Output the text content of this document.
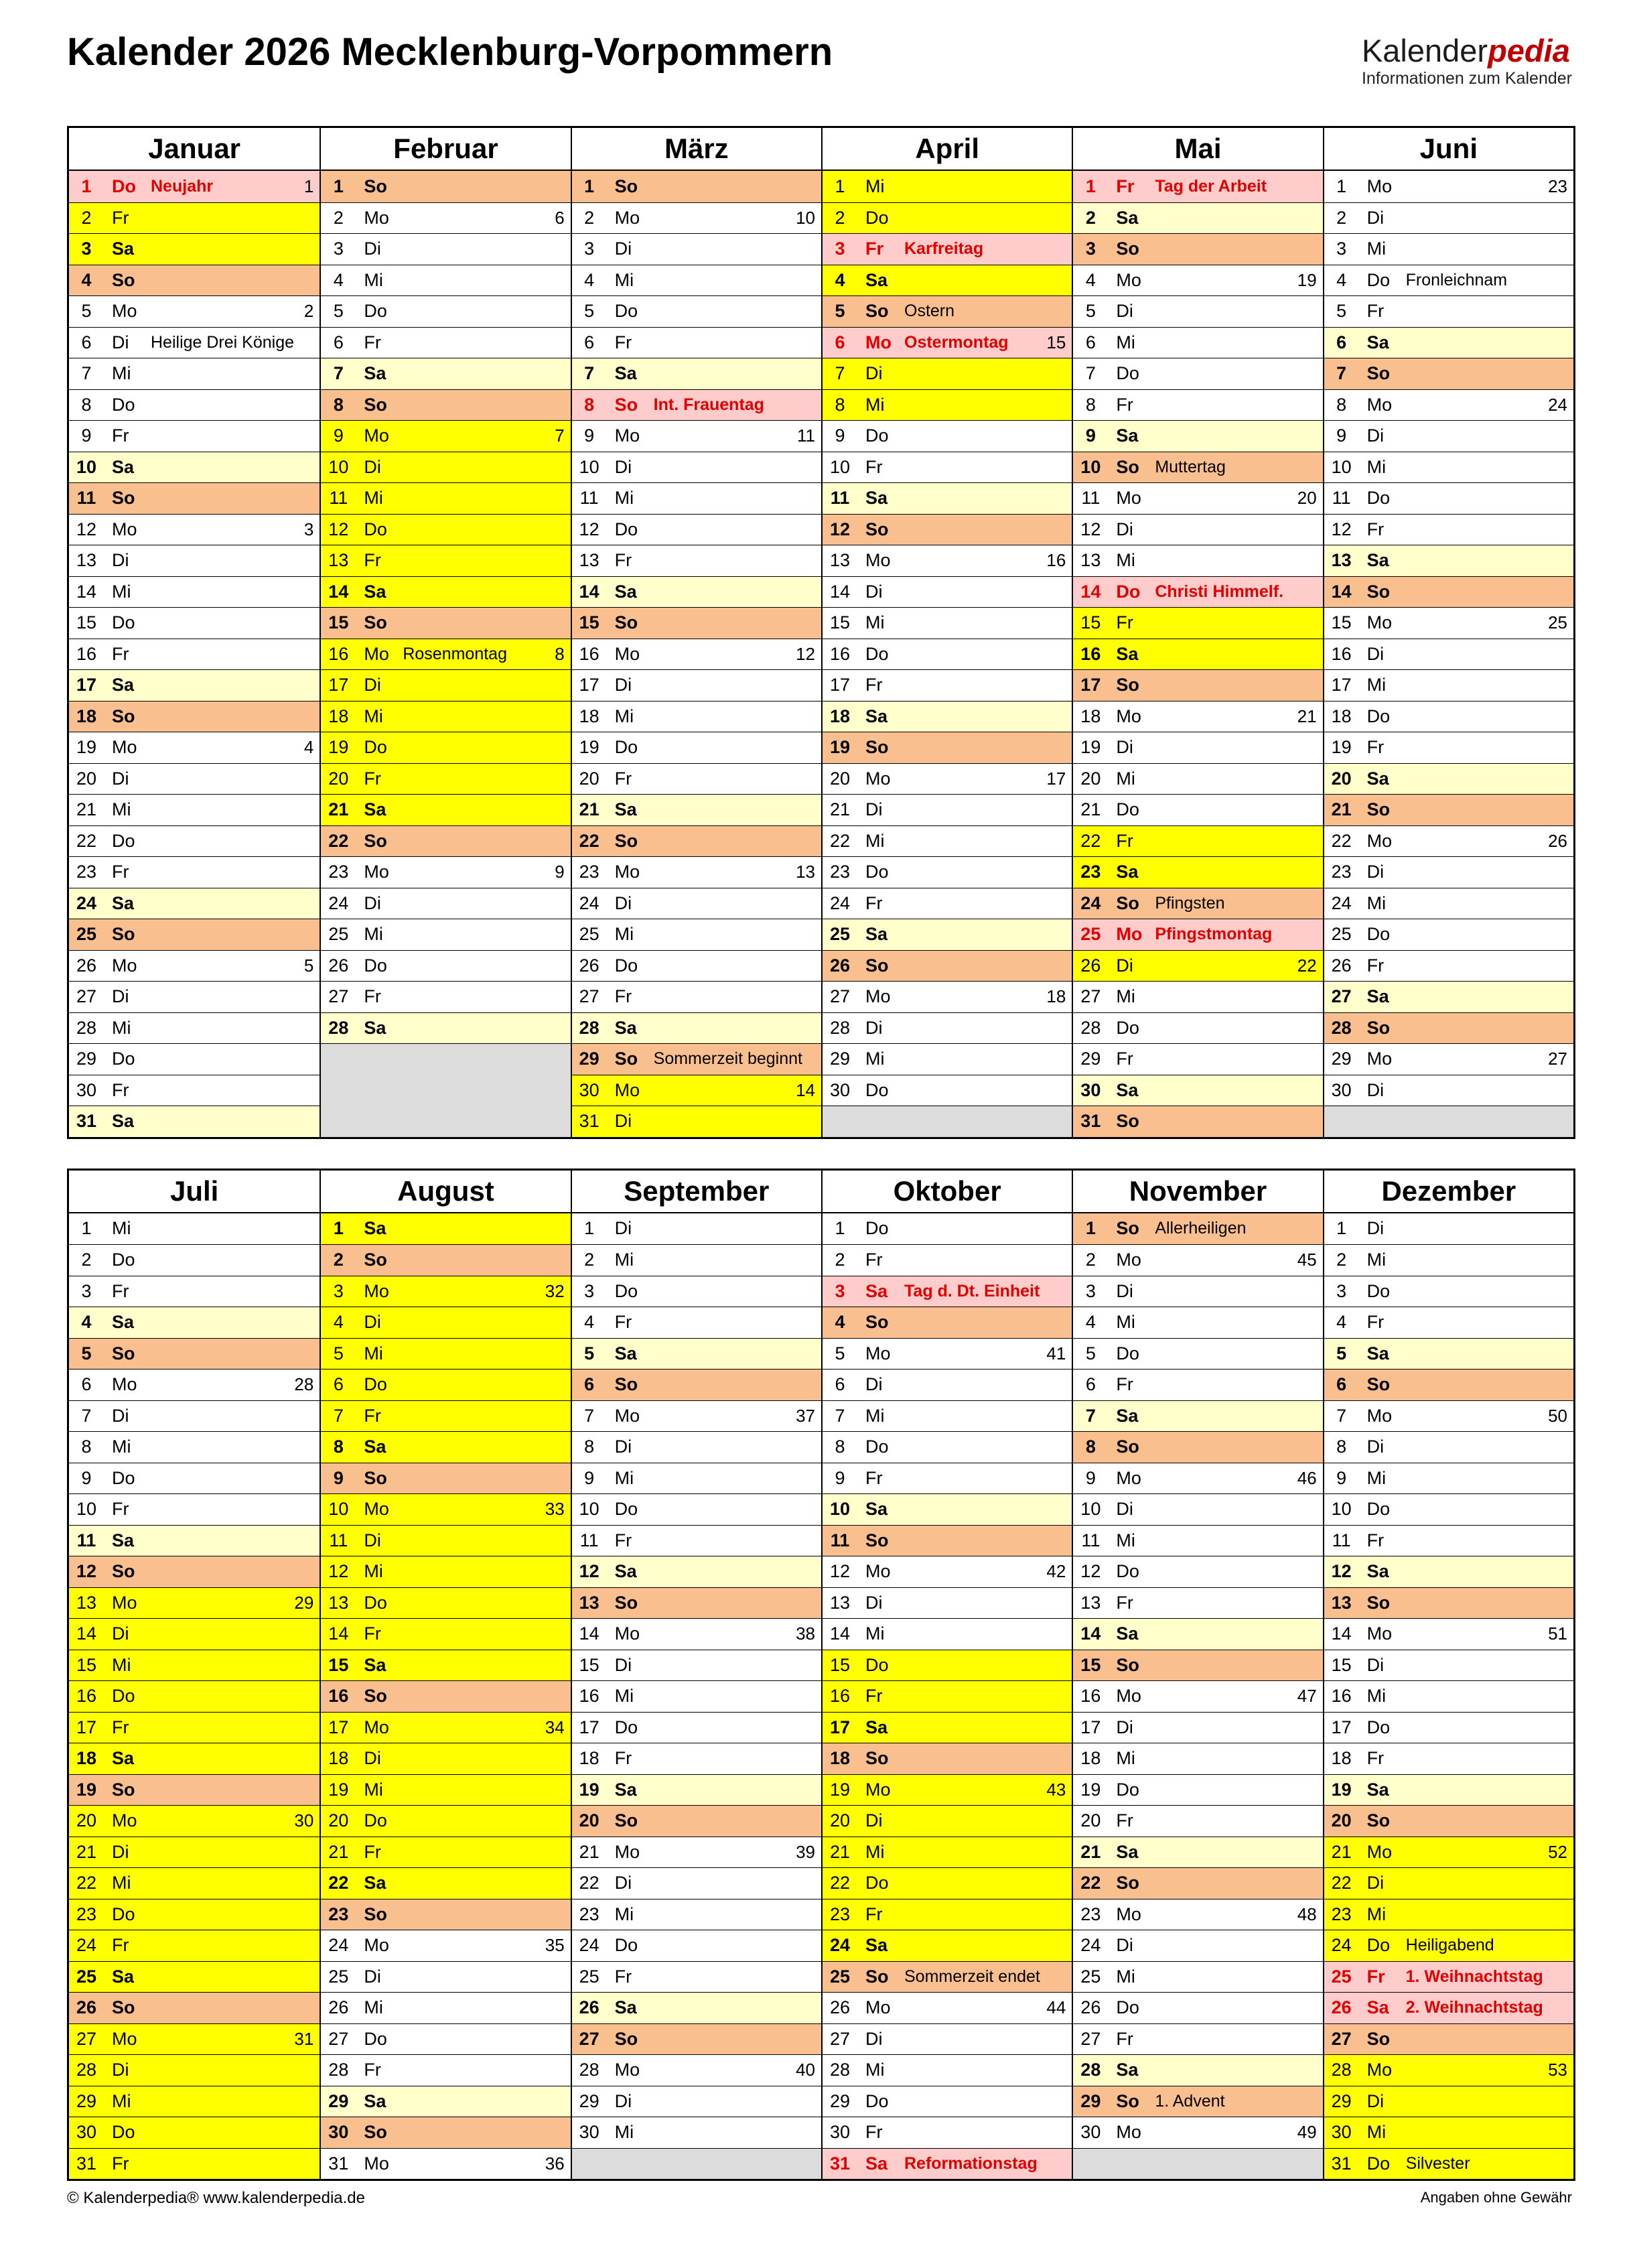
Kalender 2026 Mecklenburg-Vorpommern	Kalenderpedia
Informationen zum Kalender
Januar
1	Do Neujahr	1
2	Fr
3	Sa
4	So
5	Mo	2
6	Di	Heilige Drei Könige
7	Mi
8	Do
9	Fr
10 Sa
11 So
12 Mo	3
13 Di
14 Mi
15 Do
16 Fr
17 Sa
18 So
19 Mo	4
20 Di
21 Mi
22 Do
23 Fr
24 Sa
25 So
26 Mo	5
27 Di
28 Mi
29 Do
30 Fr
31 Sa
Februar
1	So
2	Mo	6
3	Di
4	Mi
5	Do
6	Fr
7	Sa
8	So
9	Mo	7
10 Di
11 Mi
12 Do
13 Fr
14 Sa
15 So
16 Mo Rosenmontag	8
17 Di
18 Mi
19 Do
20 Fr
21 Sa
22 So
23 Mo	9
24 Di
25 Mi
26 Do
27 Fr
28 Sa
März
1	So
2	Mo	10
3	Di
4	Mi
5	Do
6	Fr
7	Sa
8	So Int. Frauentag
9	Mo	11
10 Di
11 Mi
12 Do
13 Fr
14 Sa
15 So
16 Mo	12
17 Di
18 Mi
19 Do
20 Fr
21 Sa
22 So
23 Mo	13
24 Di
25 Mi
26 Do
27 Fr
28 Sa
29 So Sommerzeit beginnt
30 Mo	14
31 Di
April
1	Mi
2	Do
3	Fr	Karfreitag
4	Sa
5	So Ostern
6	Mo Ostermontag 15
7	Di
8	Mi
9	Do
10 Fr
11 Sa
12 So
13 Mo	16
14 Di
15 Mi
16 Do
17 Fr
18 Sa
19 So
20 Mo	17
21 Di
22 Mi
23 Do
24 Fr
25 Sa
26 So
27 Mo	18
28 Di
29 Mi
30 Do
Mai
1	Fr	Tag der Arbeit
2	Sa
3	So
4	Mo	19
5	Di
6	Mi
7	Do
8	Fr
9	Sa
10 So Muttertag
11 Mo	20
12 Di
13 Mi
14 Do Christi Himmelf.
15 Fr
16 Sa
17 So
18 Mo	21
19 Di
20 Mi
21 Do
22 Fr
23 Sa
24 So Pfingsten
25 Mo Pfingstmontag
26 Di	22
27 Mi
28 Do
29 Fr
30 Sa
31 So
Juni
1	Mo	23
2	Di
3	Mi
4	Do Fronleichnam
5	Fr
6	Sa
7	So
8	Mo	24
9	Di
10 Mi
11 Do
12 Fr
13 Sa
14 So
15 Mo	25
16 Di
17 Mi
18 Do
19 Fr
20 Sa
21 So
22 Mo	26
23 Di
24 Mi
25 Do
26 Fr
27 Sa
28 So
29 Mo	27
30 Di
Juli
1	Mi
2	Do
3	Fr
4	Sa
5	So
6	Mo	28
7	Di
8	Mi
9	Do
10 Fr
11 Sa
12 So
13 Mo	29
14 Di
15 Mi
16 Do
17 Fr
18 Sa
19 So
20 Mo	30
21 Di
22 Mi
23 Do
24 Fr
25 Sa
26 So
27 Mo	31
28 Di
29 Mi
30 Do
31 Fr
August
1	Sa
2	So
3	Mo	32
4	Di
5	Mi
6	Do
7	Fr
8	Sa
9	So
10 Mo	33
11 Di
12 Mi
13 Do
14 Fr
15 Sa
16 So
17 Mo	34
18 Di
19 Mi
20 Do
21 Fr
22 Sa
23 So
24 Mo	35
25 Di
26 Mi
27 Do
28 Fr
29 Sa
30 So
31 Mo	36
September
1	Di
2	Mi
3	Do
4	Fr
5	Sa
6	So
7	Mo	37
8	Di
9	Mi
10 Do
11 Fr
12 Sa
13 So
14 Mo	38
15 Di
16 Mi
17 Do
18 Fr
19 Sa
20 So
21 Mo	39
22 Di
23 Mi
24 Do
25 Fr
26 Sa
27 So
28 Mo	40
29 Di
30 Mi
Oktober
1	Do
2	Fr
3	Sa Tag d. Dt. Einheit
4	So
5	Mo	41
6	Di
7	Mi
8	Do
9	Fr
10 Sa
11 So
12 Mo	42
13 Di
14 Mi
15 Do
16 Fr
17 Sa
18 So
19 Mo	43
20 Di
21 Mi
22 Do
23 Fr
24 Sa
25 So Sommerzeit endet
26 Mo	44
27 Di
28 Mi
29 Do
30 Fr
31 Sa Reformationstag
November
1	So Allerheiligen
2	Mo	45
3	Di
4	Mi
5	Do
6	Fr
7	Sa
8	So
9	Mo	46
10 Di
11 Mi
12 Do
13 Fr
14 Sa
15 So
16 Mo	47
17 Di
18 Mi
19 Do
20 Fr
21 Sa
22 So
23 Mo	48
24 Di
25 Mi
26 Do
27 Fr
28 Sa
29 So 1. Advent
30 Mo	49
Dezember
1	Di
2	Mi
3	Do
4	Fr
5	Sa
6	So
7	Mo	50
8	Di
9	Mi
10 Do
11 Fr
12 Sa
13 So
14 Mo	51
15 Di
16 Mi
17 Do
18 Fr
19 Sa
20 So
21 Mo	52
22 Di
23 Mi
24 Do Heiligabend
25 Fr	1. Weihnachtstag
26 Sa 2. Weihnachtstag
27 So
28 Mo	53
29 Di
30 Mi
31 Do Silvester
© Kalenderpedia® www.kalenderpedia.de	Angaben ohne Gewähr
